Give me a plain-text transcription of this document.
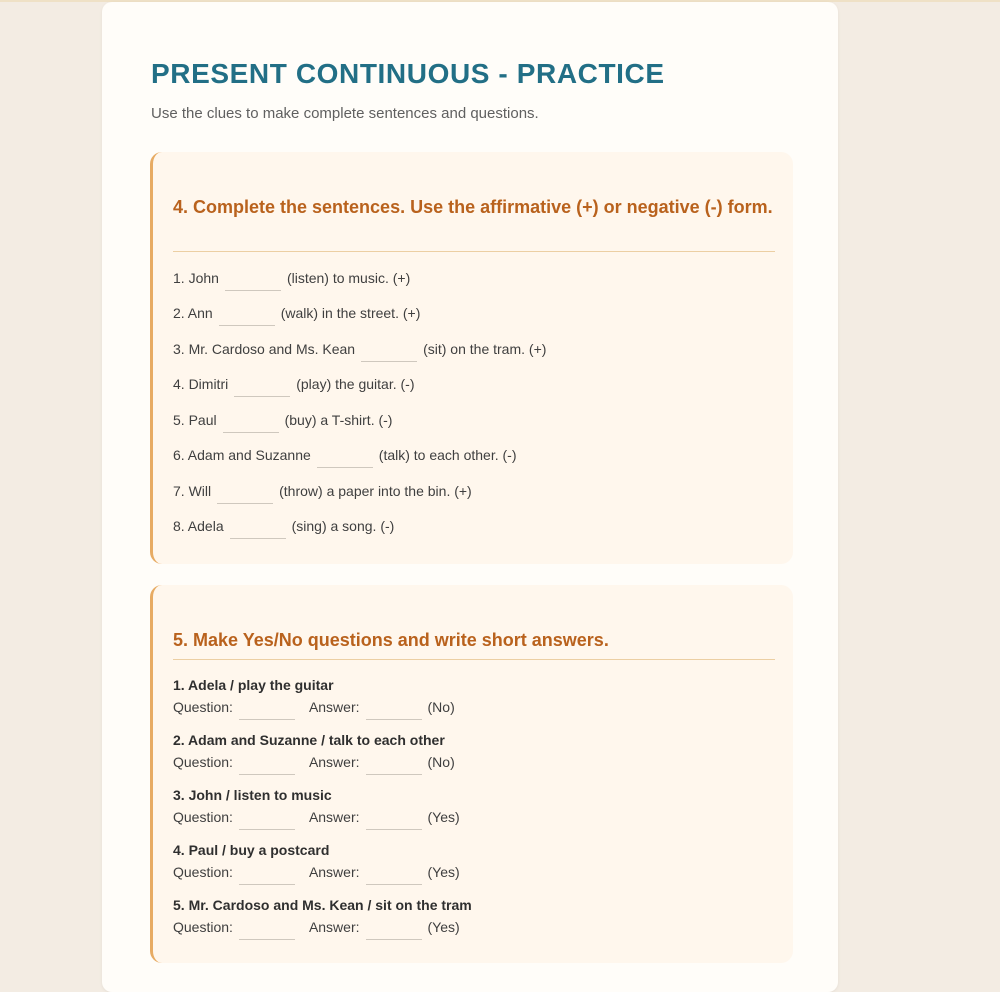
PRESENT CONTINUOUS - PRACTICE

Use the clues to make complete sentences and questions.

4. Complete the sentences. Use the affirmative (+) or negative (-) form.
1. John	(listen) to music. (+)
2. Ann	(walk) in the street. (+)
3. Mr. Cardoso and Ms. Kean	(sit) on the tram. (+)
4. Dimitri	(play) the guitar. (-)
5. Paul	(buy) a T-shirt. (-)
6. Adam and Suzanne	(talk) to each other. (-)
7. Will	(throw) a paper into the bin. (+)
8. Adela	(sing) a song. (-)
5. Make Yes/No questions and write short answers.
1. Adela / play the guitar
Question:	Answer:	(No)
2. Adam and Suzanne / talk to each other
Question:	Answer:	(No)
3. John / listen to music
Question:	Answer:	(Yes)
4. Paul / buy a postcard
Question:	Answer:	(Yes)
5. Mr. Cardoso and Ms. Kean / sit on the tram
Question:	Answer:	(Yes)
